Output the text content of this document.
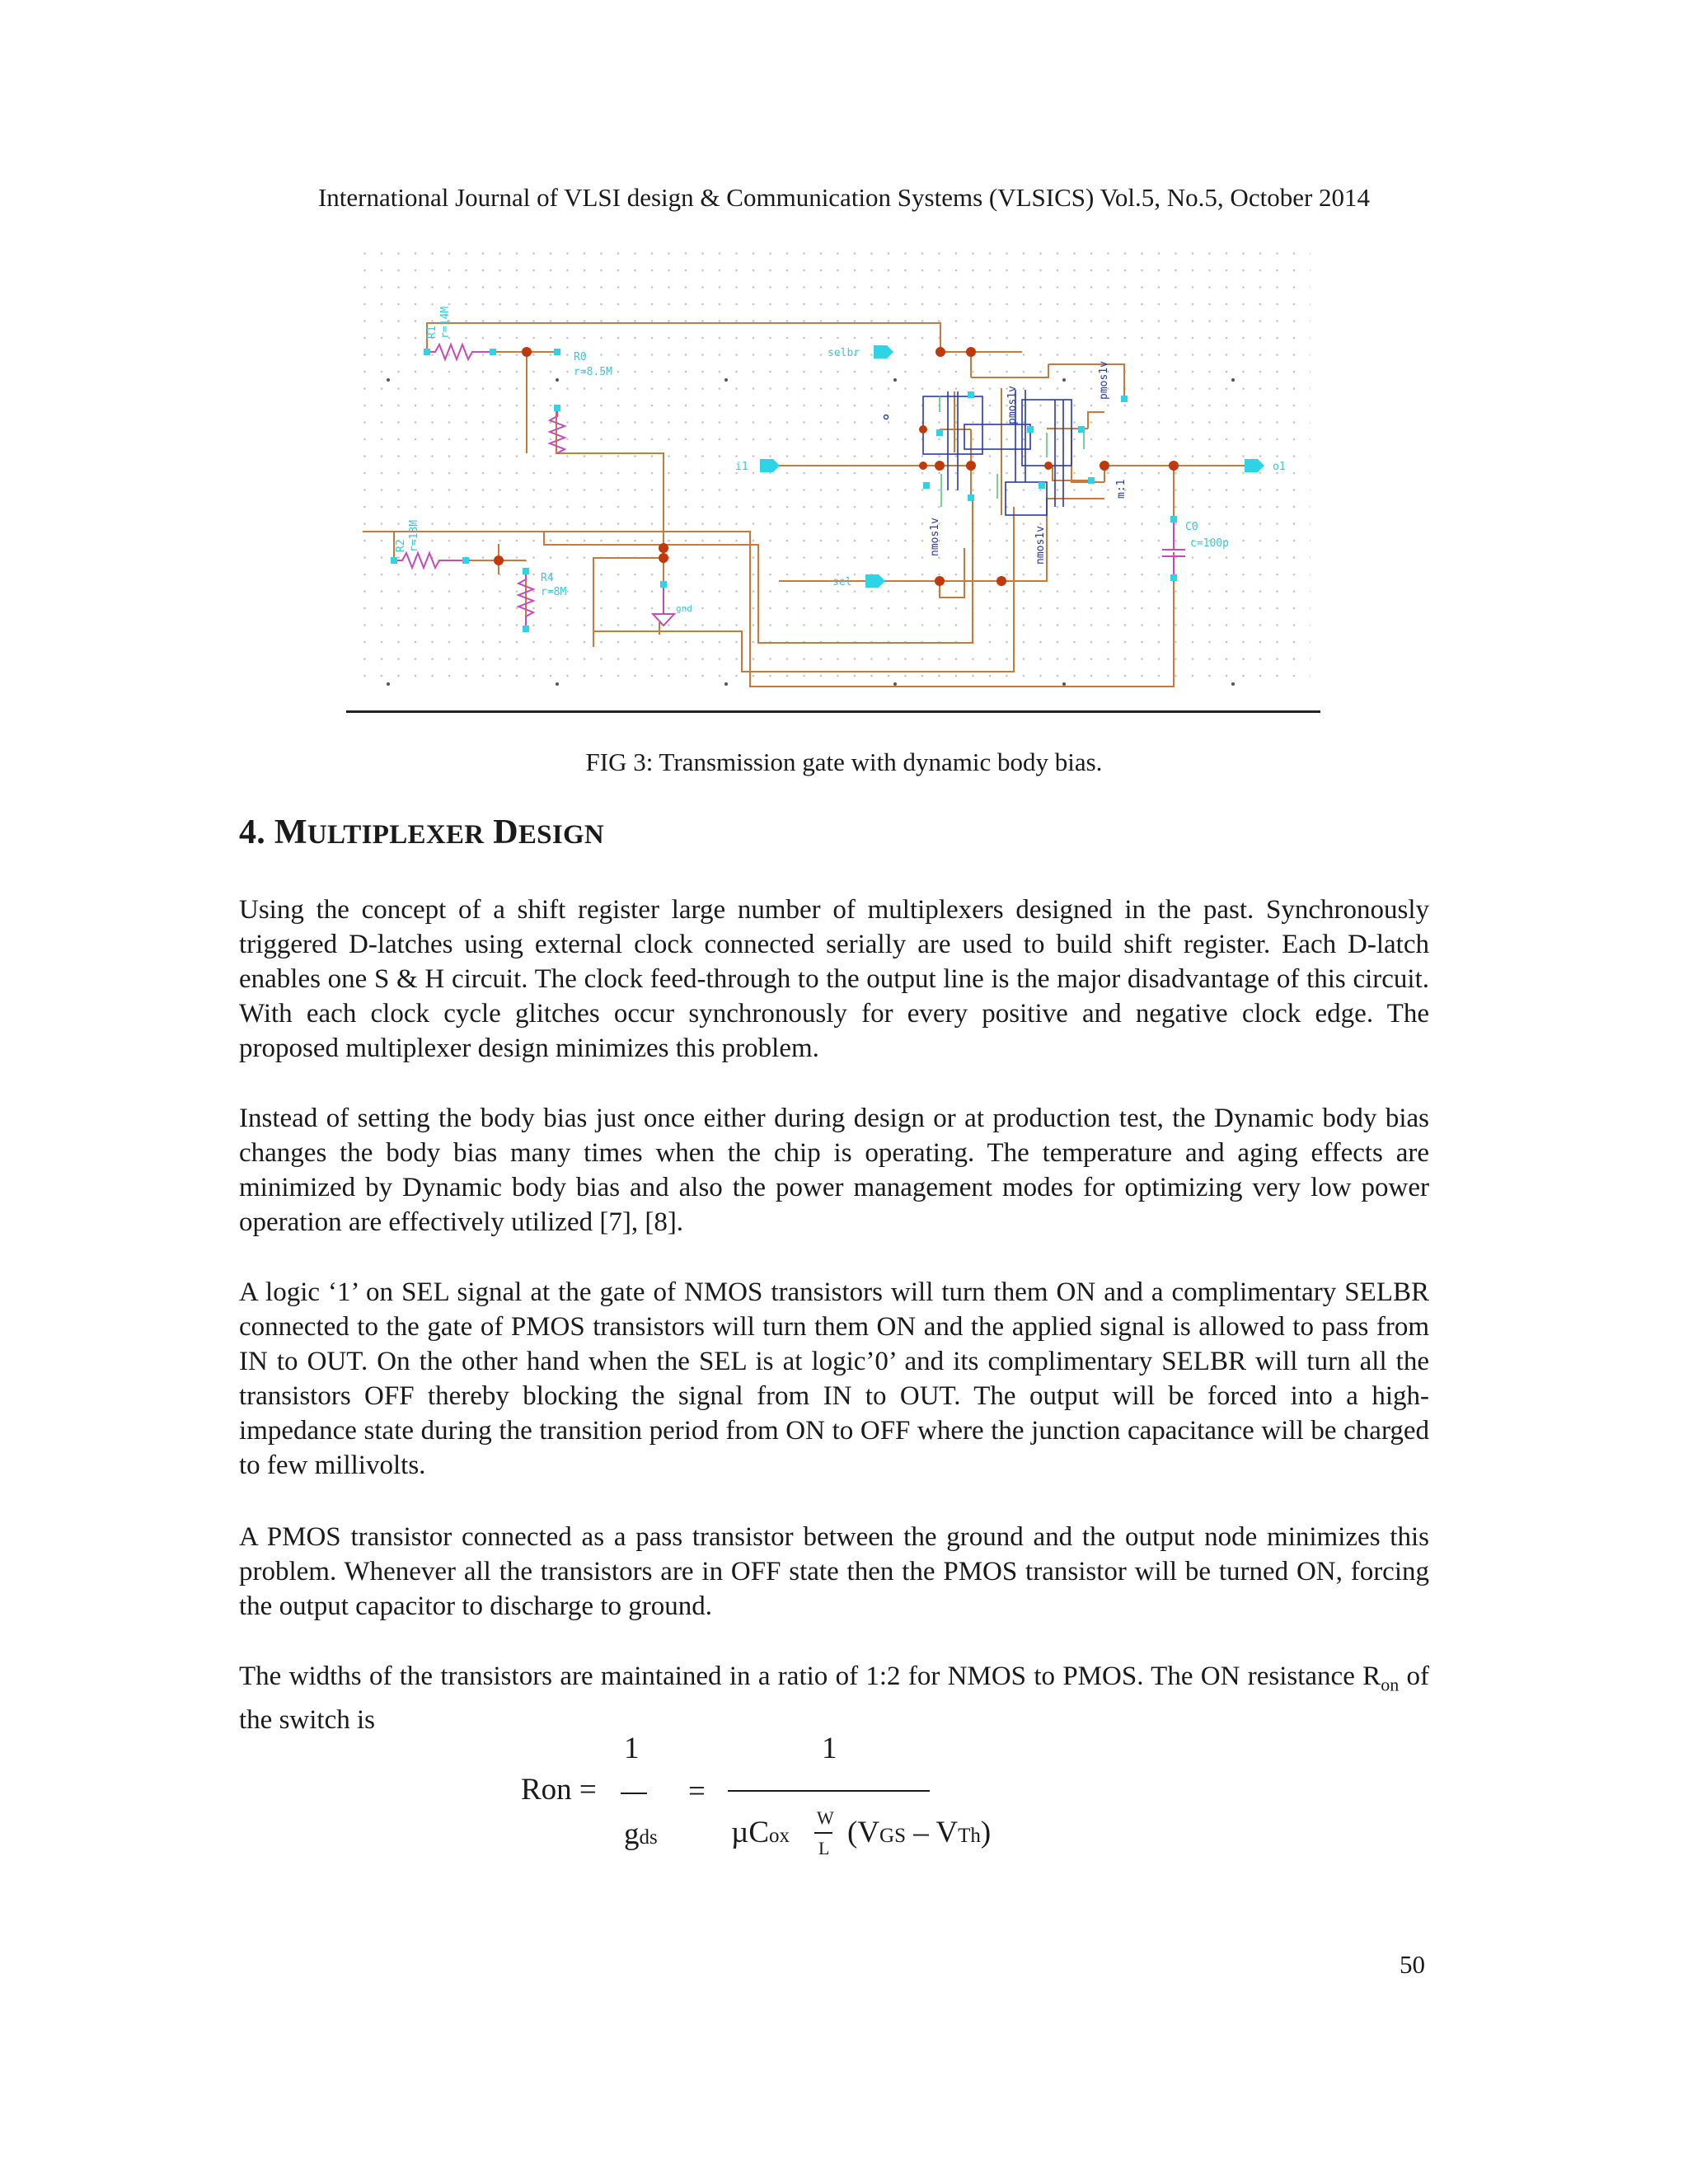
International Journal of VLSI design & Communication Systems (VLSICS) Vol.5, No.5, October 2014
R1 r=14M
R0
r=8.5M
R2 r=13M
R4
r=8M
selbr
i1
sel
o1
gnd
C0
c=100p
nmos1v
pmos1v
nmos1v
pmos1v
m:1
FIG 3: Transmission gate with dynamic body bias.
4. MULTIPLEXER DESIGN
Using the concept of a shift register large number of multiplexers designed in the past. Synchronously triggered D-latches using external clock connected serially are used to build shift register. Each D-latch enables one S & H circuit. The clock feed-through to the output line is the major disadvantage of this circuit. With each clock cycle glitches occur synchronously for every positive and negative clock edge. The proposed multiplexer design minimizes this problem.
Instead of setting the body bias just once either during design or at production test, the Dynamic body bias changes the body bias many times when the chip is operating. The temperature and aging effects are minimized by Dynamic body bias and also the power management modes for optimizing very low power operation are effectively utilized [7], [8].
A logic ‘1’ on SEL signal at the gate of NMOS transistors will turn them ON and a complimentary SELBR connected to the gate of PMOS transistors will turn them ON and the applied signal is allowed to pass from IN to OUT. On the other hand when the SEL is at logic’0’ and its complimentary SELBR will turn all the transistors OFF thereby blocking the signal from IN to OUT. The output will be forced into a high-impedance state during the transition period from ON to OFF where the junction capacitance will be charged to few millivolts.
A PMOS transistor connected as a pass transistor between the ground and the output node minimizes this problem. Whenever all the transistors are in OFF state then the PMOS transistor will be turned ON, forcing the output capacitor to discharge to ground.
The widths of the transistors are maintained in a ratio of 1:2 for NMOS to PMOS. The ON resistance $R_{on}$ of the switch is
Ron =
1
gds
=
1
µCox
W
L (VGS – VTh)
50
